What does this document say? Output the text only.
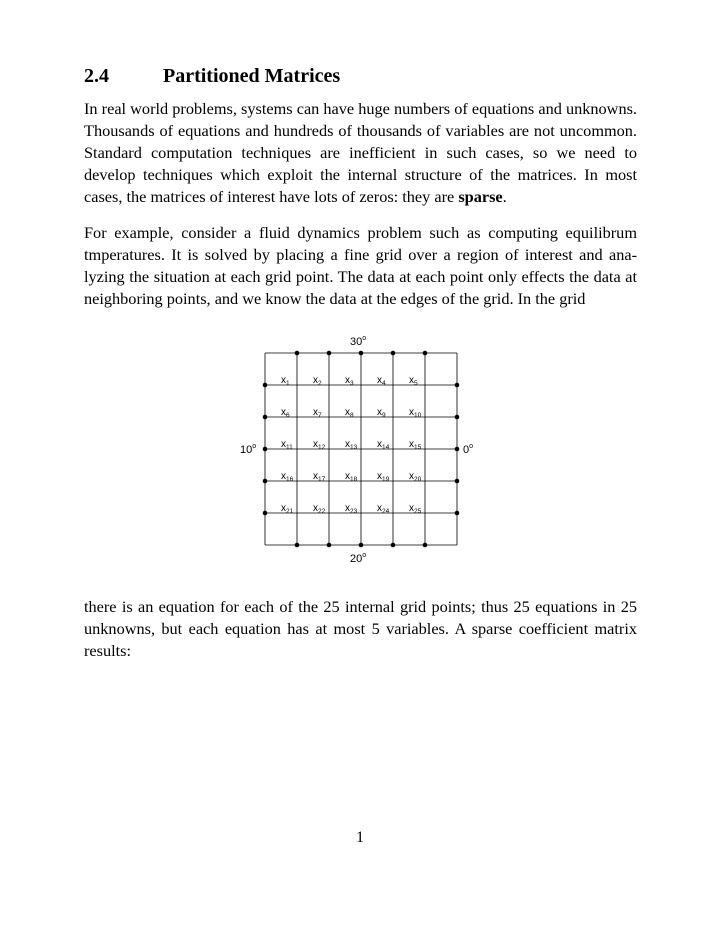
2.4	Partitioned Matrices

In real world problems, systems can have huge numbers of equations and unknowns. Thousands of equations and hundreds of thousands of variables are not uncommon. Standard computation techniques are inefficient in such cases, so we need to develop techniques which exploit the internal structure of the matrices. In most cases, the matrices of interest have lots of zeros: they are sparse.

For example, consider a fluid dynamics problem such as computing equilibrum tmperatures. It is solved by placing a fine grid over a region of interest and analyzing the situation at each grid point. The data at each point only effects the data at neighboring points, and we know the data at the edges of the grid. In the grid

$x_1$ $x_2$ $x_3$ $x_4$ $x_5$
$x_6$ $x_7$ $x_8$ $x_9$ $x_{10}$
$x_{11}$ $x_{12}$ $x_{13}$ $x_{14}$ $x_{15}$
$x_{16}$ $x_{17}$ $x_{18}$ $x_{19}$ $x_{20}$
$x_{21}$ $x_{22}$ $x_{23}$ $x_{24}$ $x_{25}$
30$^o$
20$^o$
10$^o$	0$^o$

there is an equation for each of the 25 internal grid points; thus 25 equations in 25 unknowns, but each equation has at most 5 variables. A sparse coefficient matrix results:

1
